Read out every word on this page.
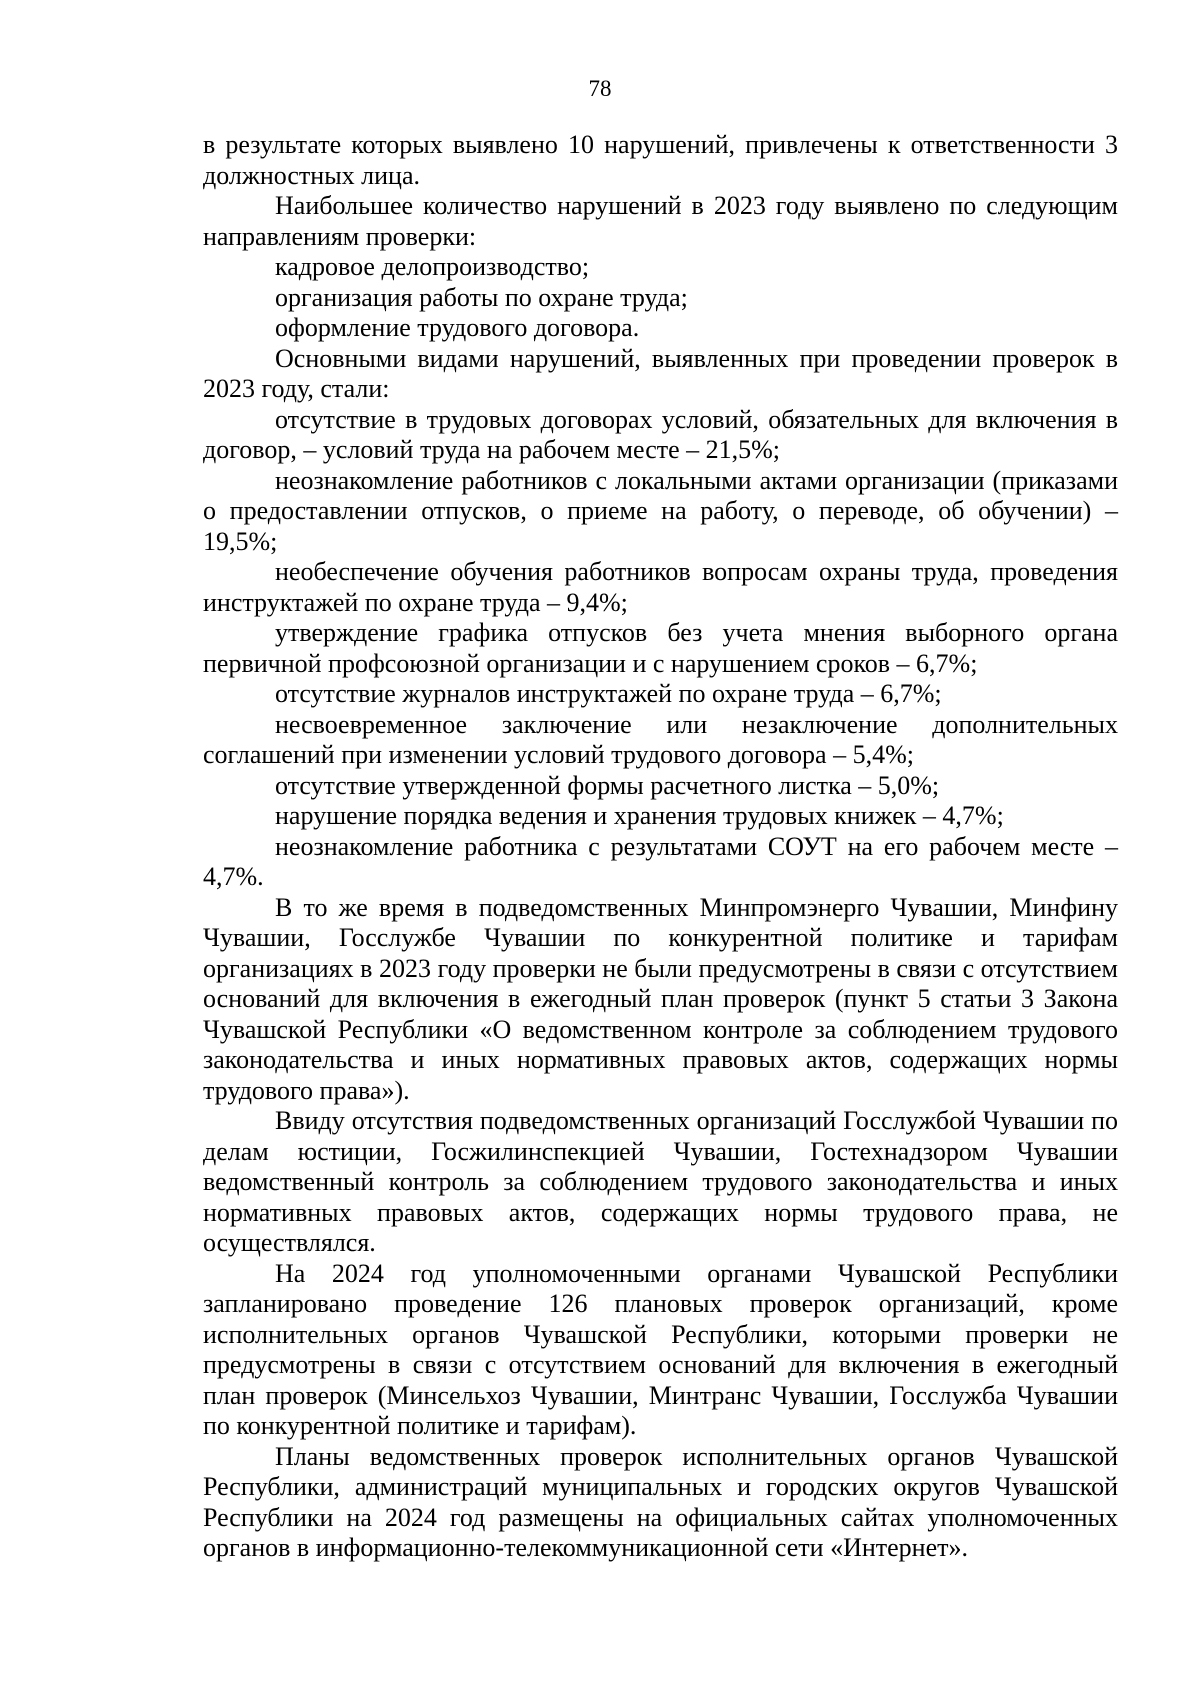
78

в результате которых выявлено 10 нарушений, привлечены к ответственности 3 должностных лица.

Наибольшее количество нарушений в 2023 году выявлено по следующим направлениям проверки:

кадровое делопроизводство;

организация работы по охране труда;

оформление трудового договора.

Основными видами нарушений, выявленных при проведении проверок в 2023 году, стали:

отсутствие в трудовых договорах условий, обязательных для включения в договор, – условий труда на рабочем месте – 21,5%;

неознакомление работников с локальными актами организации (приказами о предоставлении отпусков, о приеме на работу, о переводе, об обучении) – 19,5%;

необеспечение обучения работников вопросам охраны труда, проведения инструктажей по охране труда – 9,4%;

утверждение графика отпусков без учета мнения выборного органа первичной профсоюзной организации и с нарушением сроков – 6,7%;

отсутствие журналов инструктажей по охране труда – 6,7%;

несвоевременное заключение или незаключение дополнительных соглашений при изменении условий трудового договора – 5,4%;

отсутствие утвержденной формы расчетного листка – 5,0%;

нарушение порядка ведения и хранения трудовых книжек – 4,7%;

неознакомление работника с результатами СОУТ на его рабочем месте – 4,7%.

В то же время в подведомственных Минпромэнерго Чувашии, Минфину Чувашии, Госслужбе Чувашии по конкурентной политике и тарифам организациях в 2023 году проверки не были предусмотрены в связи с отсутствием оснований для включения в ежегодный план проверок (пункт 5 статьи 3 Закона Чувашской Республики «О ведомственном контроле за соблюдением трудового законодательства и иных нормативных правовых актов, содержащих нормы трудового права»).

Ввиду отсутствия подведомственных организаций Госслужбой Чувашии по делам юстиции, Госжилинспекцией Чувашии, Гостехнадзором Чувашии ведомственный контроль за соблюдением трудового законодательства и иных нормативных правовых актов, содержащих нормы трудового права, не осуществлялся.

На 2024 год уполномоченными органами Чувашской Республики запланировано проведение 126 плановых проверок организаций, кроме исполнительных органов Чувашской Республики, которыми проверки не предусмотрены в связи с отсутствием оснований для включения в ежегодный план проверок (Минсельхоз Чувашии, Минтранс Чувашии, Госслужба Чувашии по конкурентной политике и тарифам).

Планы ведомственных проверок исполнительных органов Чувашской Республики, администраций муниципальных и городских округов Чувашской Республики на 2024 год размещены на официальных сайтах уполномоченных органов в информационно-телекоммуникационной сети «Интернет».
